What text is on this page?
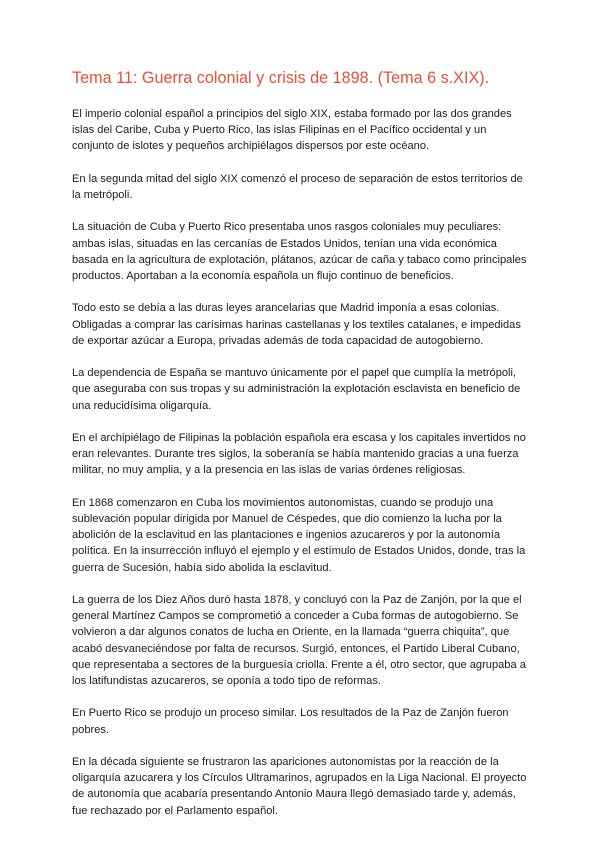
Tema 11: Guerra colonial y crisis de 1898. (Tema 6 s.XIX).

El imperio colonial español a principios del siglo XIX, estaba formado por las dos grandes islas del Caribe, Cuba y Puerto Rico, las islas Filipinas en el Pacífico occidental y un conjunto de islotes y pequeños archipiélagos dispersos por este océano.

En la segunda mitad del siglo XIX comenzó el proceso de separación de estos territorios de la metrópoli.

La situación de Cuba y Puerto Rico presentaba unos rasgos coloniales muy peculiares: ambas islas, situadas en las cercanías de Estados Unidos, tenían una vida económica basada en la agricultura de explotación, plátanos, azúcar de caña y tabaco como principales productos. Aportaban a la economía española un flujo continuo de beneficios.

Todo esto se debía a las duras leyes arancelarias que Madrid imponía a esas colonias. Obligadas a comprar las carísimas harinas castellanas y los textiles catalanes, e impedidas de exportar azúcar a Europa, privadas además de toda capacidad de autogobierno.

La dependencia de España se mantuvo únicamente por el papel que cumplía la metrópoli, que aseguraba con sus tropas y su administración la explotación esclavista en beneficio de una reducidísima oligarquía.

En el archipiélago de Filipinas la población española era escasa y los capitales invertidos no eran relevantes. Durante tres siglos, la soberanía se había mantenido gracias a una fuerza militar, no muy amplia, y a la presencia en las islas de varias órdenes religiosas.

En 1868 comenzaron en Cuba los movimientos autonomistas, cuando se produjo una sublevación popular dirigida por Manuel de Céspedes, que dio comienzo la lucha por la abolición de la esclavitud en las plantaciones e ingenios azucareros y por la autonomía política. En la insurrección influyó el ejemplo y el estímulo de Estados Unidos, donde, tras la guerra de Sucesión, había sido abolida la esclavitud.

La guerra de los Diez Años duró hasta 1878, y concluyó con la Paz de Zanjón, por la que el general Martínez Campos se comprometió a conceder a Cuba formas de autogobierno. Se volvieron a dar algunos conatos de lucha en Oriente, en la llamada “guerra chiquita”, que acabó desvaneciéndose por falta de recursos. Surgió, entonces, el Partido Liberal Cubano, que representaba a sectores de la burguesía criolla. Frente a él, otro sector, que agrupaba a los latifundistas azucareros, se oponía a todo tipo de reformas.

En Puerto Rico se produjo un proceso similar. Los resultados de la Paz de Zanjón fueron pobres.

En la década siguiente se frustraron las apariciones autonomistas por la reacción de la oligarquía azucarera y los Círculos Ultramarinos, agrupados en la Liga Nacional. El proyecto de autonomía que acabaría presentando Antonio Maura llegó demasiado tarde y, además, fue rechazado por el Parlamento español.
